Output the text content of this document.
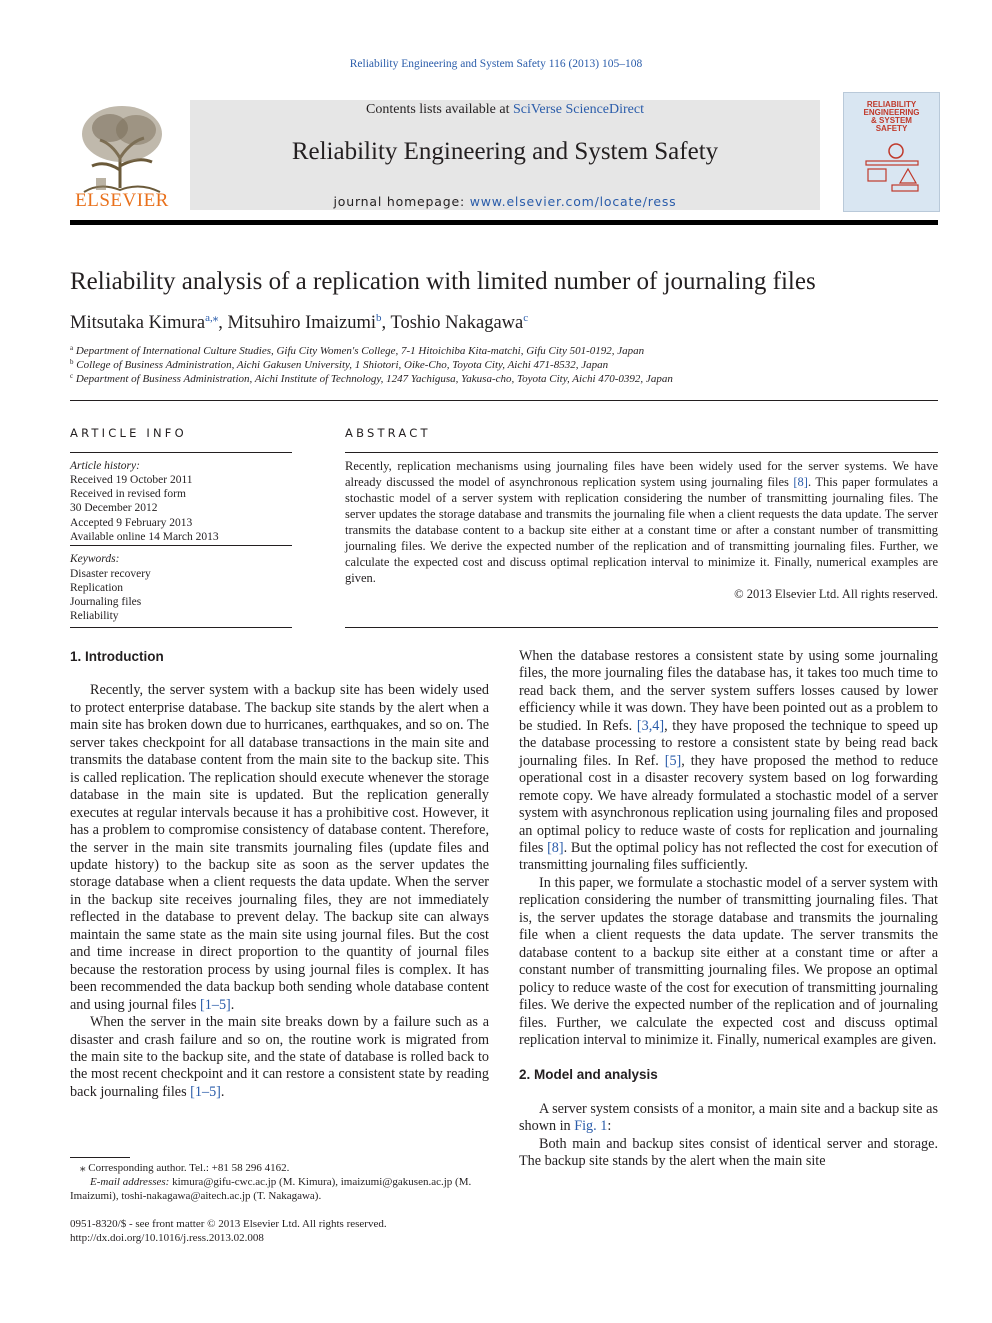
Reliability Engineering and System Safety 116 (2013) 105–108
ELSEVIER
Contents lists available at SciVerse ScienceDirect
Reliability Engineering and System Safety
journal homepage: www.elsevier.com/locate/ress
RELIABILITY
ENGINEERING
& SYSTEM
SAFETY
Reliability analysis of a replication with limited number of journaling files
Mitsutaka Kimura$^{a,⁎}$, Mitsuhiro Imaizumi$^b$, Toshio Nakagawa$^c$
$^a$ Department of International Culture Studies, Gifu City Women's College, 7-1 Hitoichiba Kita-matchi, Gifu City 501-0192, Japan
$^b$ College of Business Administration, Aichi Gakusen University, 1 Shiotori, Oike-Cho, Toyota City, Aichi 471-8532, Japan
$^c$ Department of Business Administration, Aichi Institute of Technology, 1247 Yachigusa, Yakusa-cho, Toyota City, Aichi 470-0392, Japan
ARTICLE INFO
Article history:
Received 19 October 2011
Received in revised form
30 December 2012
Accepted 9 February 2013
Available online 14 March 2013
Keywords:
Disaster recovery
Replication
Journaling files
Reliability
ABSTRACT
Recently, replication mechanisms using journaling files have been widely used for the server systems. We have already discussed the model of asynchronous replication system using journaling files [8]. This paper formulates a stochastic model of a server system with replication considering the number of transmitting journaling files. The server updates the storage database and transmits the journaling file when a client requests the data update. The server transmits the database content to a backup site either at a constant time or after a constant number of transmitting journaling files. We derive the expected number of the replication and of transmitting journaling files. Further, we calculate the expected cost and discuss optimal replication interval to minimize it. Finally, numerical examples are given.
© 2013 Elsevier Ltd. All rights reserved.
1. Introduction

Recently, the server system with a backup site has been widely used to protect enterprise database. The backup site stands by the alert when a main site has broken down due to hurricanes, earthquakes, and so on. The server takes checkpoint for all database transactions in the main site and transmits the database content from the main site to the backup site. This is called replication. The replication should execute whenever the storage database in the main site is updated. But the replication generally executes at regular intervals because it has a prohibitive cost. However, it has a problem to compromise consistency of database content. Therefore, the server in the main site transmits journaling files (update files and update history) to the backup site as soon as the server updates the storage database when a client requests the data update. When the server in the backup site receives journaling files, they are not immediately reflected in the database to prevent delay. The backup site can always maintain the same state as the main site using journal files. But the cost and time increase in direct proportion to the quantity of journal files because the restoration process by using journal files is complex. It has been recommended the data backup both sending whole database content and using journal files [1–5].

When the server in the main site breaks down by a failure such as a disaster and crash failure and so on, the routine work is migrated from the main site to the backup site, and the state of database is rolled back to the most recent checkpoint and it can restore a consistent state by reading back journaling files [1–5].

⁎ Corresponding author. Tel.: +81 58 296 4162.
E-mail addresses: kimura@gifu-cwc.ac.jp (M. Kimura), imaizumi@gakusen.ac.jp (M. Imaizumi), toshi-nakagawa@aitech.ac.jp (T. Nakagawa).
0951-8320/$ - see front matter © 2013 Elsevier Ltd. All rights reserved.
http://dx.doi.org/10.1016/j.ress.2013.02.008

When the database restores a consistent state by using some journaling files, the more journaling files the database has, it takes too much time to read back them, and the server system suffers losses caused by lower efficiency while it was down. They have been pointed out as a problem to be studied. In Refs. [3,4], they have proposed the technique to speed up the database processing to restore a consistent state by being read back journaling files. In Ref. [5], they have proposed the method to reduce operational cost in a disaster recovery system based on log forwarding remote copy. We have already formulated a stochastic model of a server system with asynchronous replication using journaling files and proposed an optimal policy to reduce waste of costs for replication and journaling files [8]. But the optimal policy has not reflected the cost for execution of transmitting journaling files sufficiently.

In this paper, we formulate a stochastic model of a server system with replication considering the number of transmitting journaling files. That is, the server updates the storage database and transmits the journaling file when a client requests the data update. The server transmits the database content to a backup site either at a constant time or after a constant number of transmitting journaling files. We propose an optimal policy to reduce waste of the cost for execution of transmitting journaling files. We derive the expected number of the replication and of journaling files. Further, we calculate the expected cost and discuss optimal replication interval to minimize it. Finally, numerical examples are given.

2. Model and analysis

A server system consists of a monitor, a main site and a backup site as shown in Fig. 1:

Both main and backup sites consist of identical server and storage. The backup site stands by the alert when the main site
